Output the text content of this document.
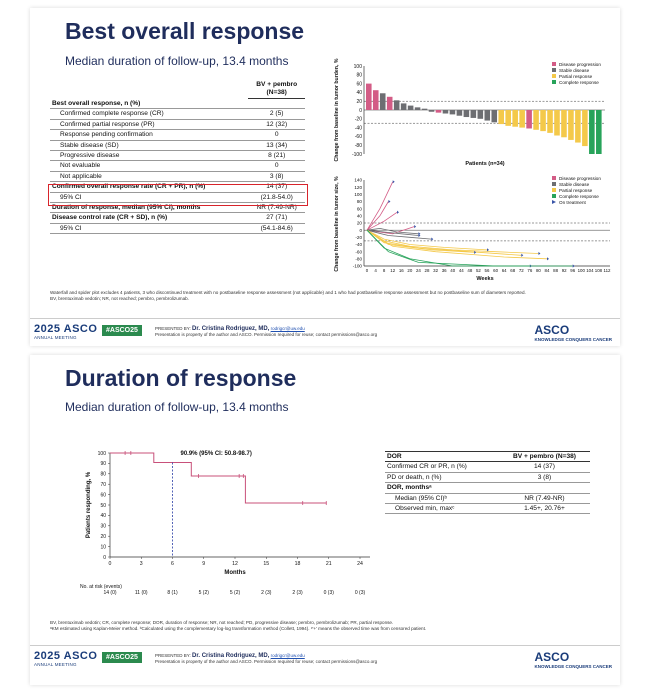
Best overall response
Median duration of follow-up, 13.4 months
	BV + pembro
(N=38)
Best overall response, n (%)	
Confirmed complete response (CR)	2 (5)
Confirmed partial response (PR)	12 (32)
Response pending confirmation	0
Stable disease (SD)	13 (34)
Progressive disease	8 (21)
Not evaluable	0
Not applicable	3 (8)
Confirmed overall response rate (CR + PR), n (%)	14 (37)
95% CI	(21.8-54.0)
Duration of response, median (95% CI), months	NR (7.49-NR)
Disease control rate (CR + SD), n (%)	27 (71)
95% CI	(54.1-84.6)
100
80
60
40
20
0
-20
-40
-60
-80
-100
Change from baseline in tumor burden, %
Patients (n=34)
Disease progression
Stable disease
Partial response
Complete response
140
120
100
80
60
40
20
0
-20
-40
-60
-80
-100
0 4 8 12 16 20 24 28 32 36 40 44 48 52 56 60 64 68 72 76 80 84 88 92 96 100 104 108 112
Change from baseline in tumor size, %
Weeks
Disease progression
Stable disease
Partial response
Complete response
On treatment
Waterfall and spider plot excludes 4 patients, 3 who discontinued treatment with no postbaseline response assessment (not applicable) and 1 who had postbaseline response assessment but no postbaseline sum of diameters reported.
BV, brentuximab vedotin; NR, not reached; pembro, pembrolizumab.
2025 ASCO
ANNUAL MEETING
#ASCO25	PRESENTED BY: Dr. Cristina Rodriguez, MD, rodrigcr@uw.edu
Presentation is property of the author and ASCO. Permission required for reuse; contact permissions@asco.org	ASCO
KNOWLEDGE CONQUERS CANCER
Duration of response
Median duration of follow-up, 13.4 months
100
90
80
70
60
50
40
30
20
10
0
0
14 (0)
3
11 (0)
6
8 (1)
9
5 (2)
12
5 (2)
15
2 (3)
18
2 (3)
21
0 (3)
24
0 (3)
No. at risk (events)
Patients responding, %
Months
90.9% (95% CI: 50.8-98.7)	DOR	BV + pembro (N=38)
Confirmed CR or PR, n (%)	14 (37)
PD or death, n (%)	3 (8)
DOR, monthsᵃ	
Median (95% CI)ᵇ	NR (7.49-NR)
Observed min, maxᶜ	1.45+, 20.76+
BV, brentuximab vedotin; CR, complete response; DOR, duration of response; NR, not reached; PD, progressive disease; pembro, pembrolizumab; PR, partial response.
ᵃKM estimated using Kaplan-Meier method. ᵇCalculated using the complementary log-log transformation method (Collett, 1994). ᶜ'+' means the observed time was from censored patient.
2025 ASCO
ANNUAL MEETING
#ASCO25	PRESENTED BY: Dr. Cristina Rodriguez, MD, rodrigcr@uw.edu
Presentation is property of the author and ASCO. Permission required for reuse; contact permissions@asco.org	ASCO
KNOWLEDGE CONQUERS CANCER
